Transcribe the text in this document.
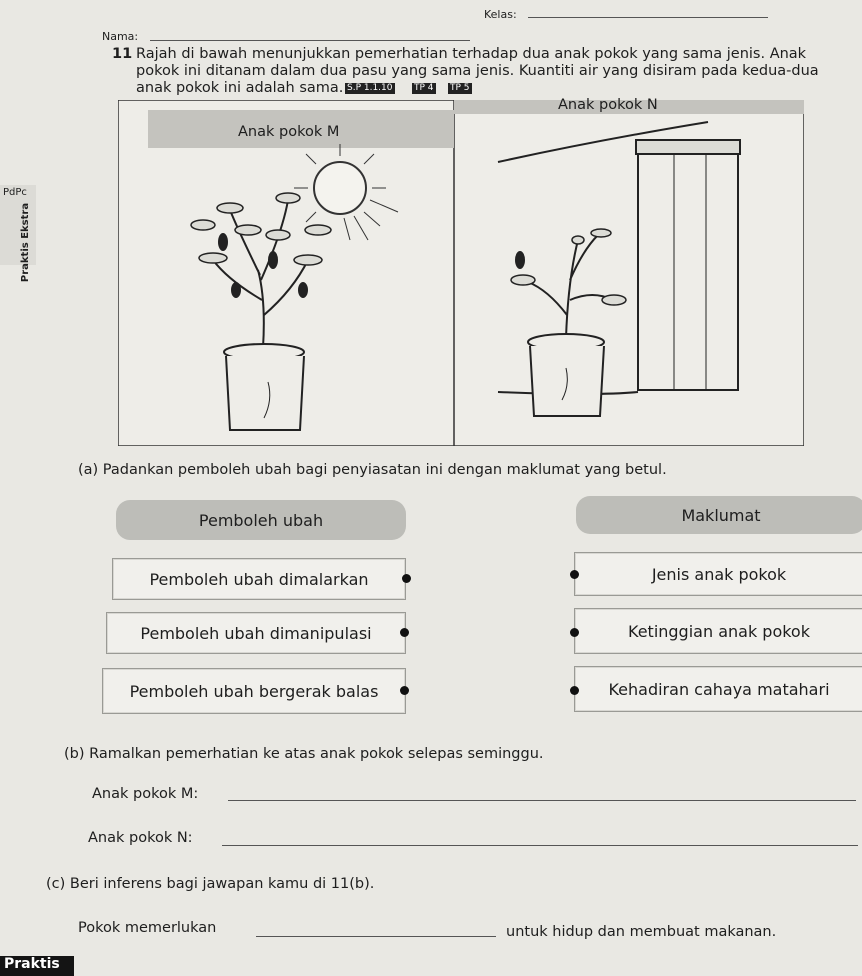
Nama:
Kelas:
PdPc
Praktis Ekstra
11 Rajah di bawah menunjukkan pemerhatian terhadap dua anak pokok yang sama jenis. Anak
pokok ini ditanam dalam dua pasu yang sama jenis. Kuantiti air yang disiram pada kedua-dua
anak pokok ini adalah sama. S.P 1.1.10 TP 4 TP 5
Anak pokok M
Anak pokok N
(a) Padankan pemboleh ubah bagi penyiasatan ini dengan maklumat yang betul.
Pemboleh ubah	Maklumat
Pemboleh ubah dimalarkan
Pemboleh ubah dimanipulasi
Pemboleh ubah bergerak balas
Jenis anak pokok
Ketinggian anak pokok
Kehadiran cahaya matahari
(b) Ramalkan pemerhatian ke atas anak pokok selepas seminggu.
Anak pokok M:
Anak pokok N:
(c) Beri inferens bagi jawapan kamu di 11(b).
Pokok memerlukan	untuk hidup dan membuat makanan.
Praktis
